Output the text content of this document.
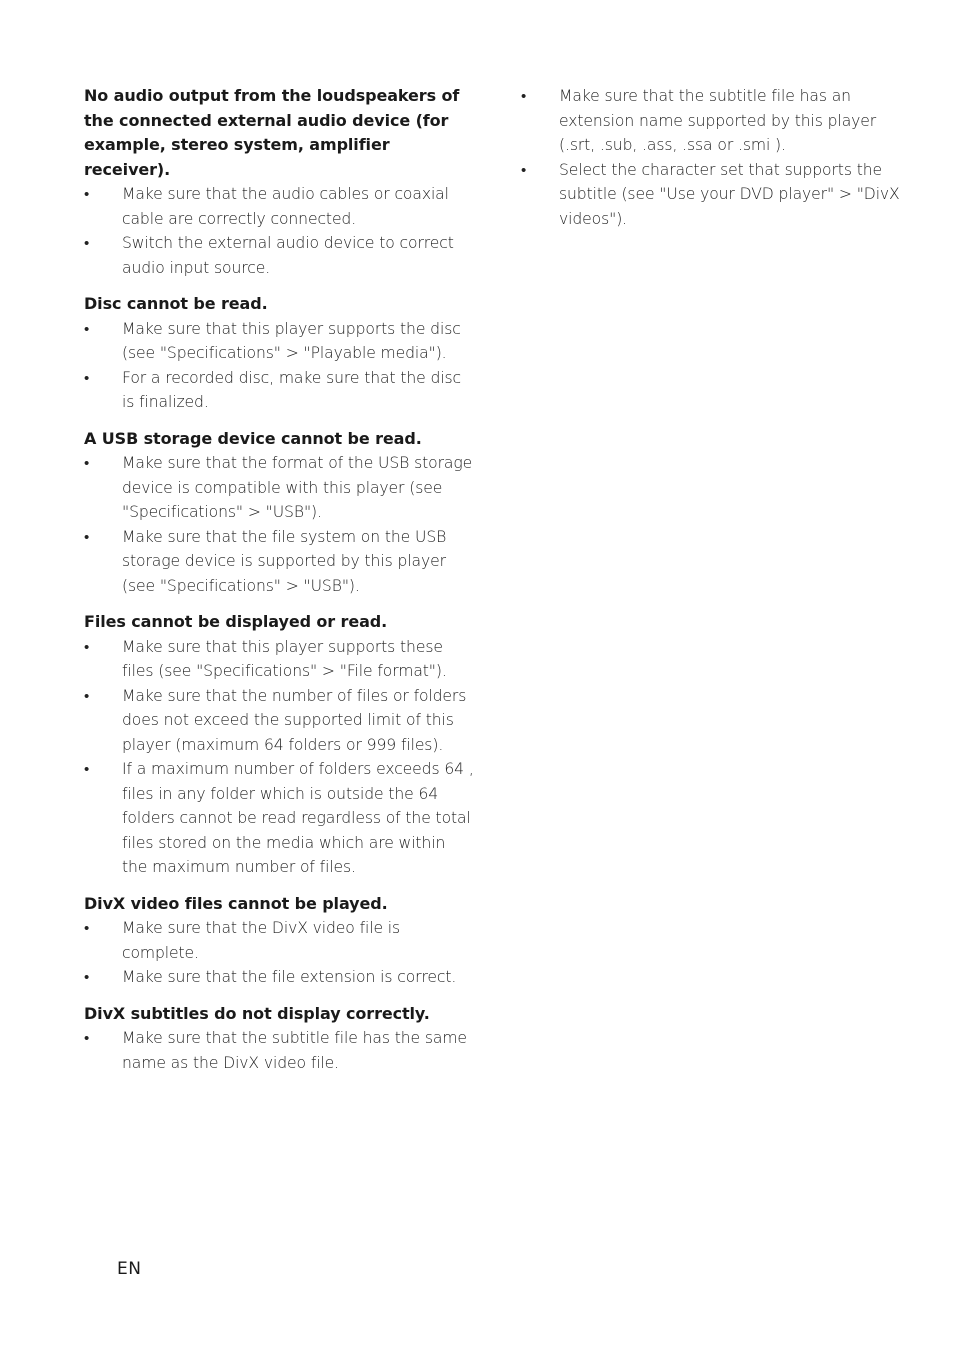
No audio output from the loudspeakers of the connected external audio device (for example, stereo system, amplifier receiver).

•	Make sure that the audio cables or coaxial cable are correctly connected.
•	Switch the external audio device to correct audio input source.

Disc cannot be read.

•	Make sure that this player supports the disc (see "Specifications" > "Playable media").
•	For a recorded disc, make sure that the disc is finalized.

A USB storage device cannot be read.

•	Make sure that the format of the USB storage device is compatible with this player (see "Specifications" > "USB").
•	Make sure that the file system on the USB storage device is supported by this player (see "Specifications" > "USB").

Files cannot be displayed or read.

•	Make sure that this player supports these files (see "Specifications" > "File format").
•	Make sure that the number of files or folders does not exceed the supported limit of this player (maximum 64 folders or 999 files).
•	If a maximum number of folders exceeds 64 , files in any folder which is outside the 64 folders cannot be read regardless of the total files stored on the media which are within the maximum number of files.

DivX video files cannot be played.

•	Make sure that the DivX video file is complete.
•	Make sure that the file extension is correct.

DivX subtitles do not display correctly.

•	Make sure that the subtitle file has the same name as the DivX video file.
•	Make sure that the subtitle file has an extension name supported by this player (.srt, .sub, .ass, .ssa or .smi ).
•	Select the character set that supports the subtitle (see "Use your DVD player" > "DivX videos").
EN
